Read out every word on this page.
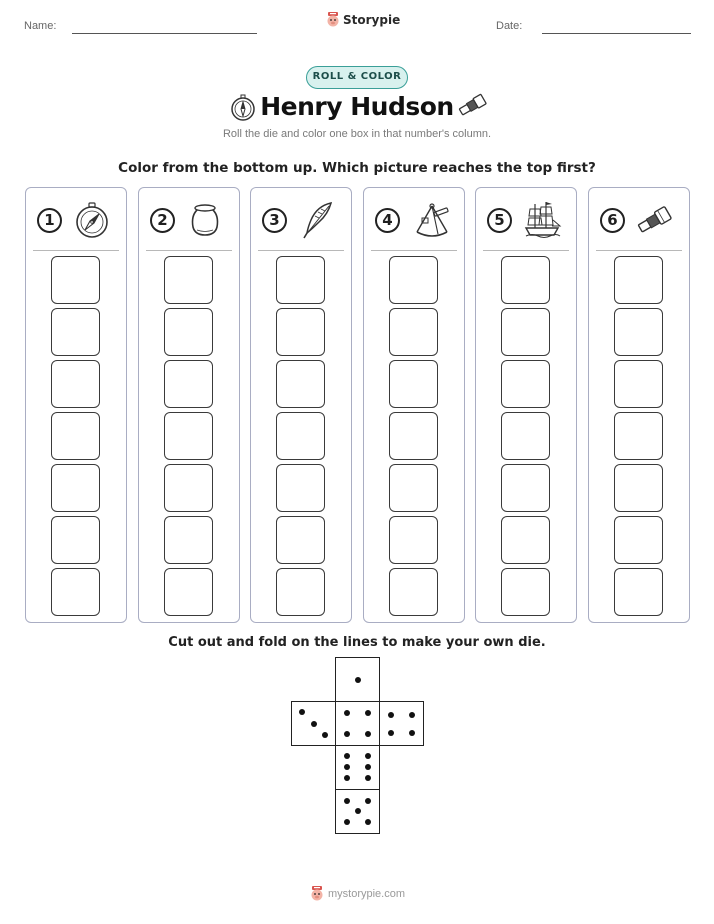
Name:	Date:
Storypie
ROLL & COLOR
Henry Hudson
Roll the die and color one box in that number's column.
Color from the bottom up. Which picture reaches the top first?
1	2	3	4	5	6
Cut out and fold on the lines to make your own die.
mystorypie.com
